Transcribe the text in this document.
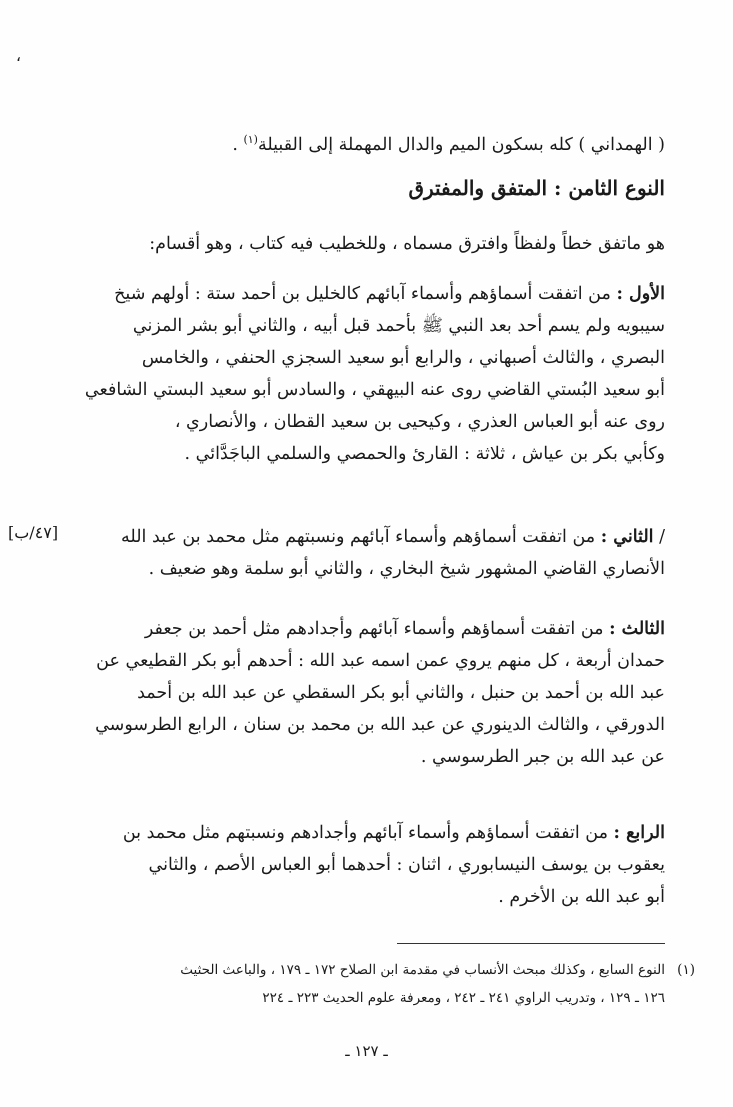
،
( الهمداني ) كله بسكون الميم والدال المهملة إلى القبيلة$^{(١)}$ .
النوع الثامن : المتفق والمفترق
هو ماتفق خطاً ولفظاً وافترق مسماه ، وللخطيب فيه كتاب ، وهو أقسام:
الأول : من اتفقت أسماؤهم وأسماء آبائهم كالخليل بن أحمد ستة : أولهم شيخ
سيبويه ولم يسم أحد بعد النبي ﷺ بأحمد قبل أبيه ، والثاني أبو بشر المزني
البصري ، والثالث أصبهاني ، والرابع أبو سعيد السجزي الحنفي ، والخامس
أبو سعيد البُستي القاضي روى عنه البيهقي ، والسادس أبو سعيد البستي الشافعي
روى عنه أبو العباس العذري ، وكيحيى بن سعيد القطان ، والأنصاري ،
وكأبي بكر بن عياش ، ثلاثة : القارئ والحمصي والسلمي الباجَدَّائي .
[٤٧/ب]	/ الثاني : من اتفقت أسماؤهم وأسماء آبائهم ونسبتهم مثل محمد بن عبد الله
الأنصاري القاضي المشهور شيخ البخاري ، والثاني أبو سلمة وهو ضعيف .
الثالث : من اتفقت أسماؤهم وأسماء آبائهم وأجدادهم مثل أحمد بن جعفر
حمدان أربعة ، كل منهم يروي عمن اسمه عبد الله : أحدهم أبو بكر القطيعي عن
عبد الله بن أحمد بن حنبل ، والثاني أبو بكر السقطي عن عبد الله بن أحمد
الدورقي ، والثالث الدينوري عن عبد الله بن محمد بن سنان ، الرابع الطرسوسي
عن عبد الله بن جبر الطرسوسي .
الرابع : من اتفقت أسماؤهم وأسماء آبائهم وأجدادهم ونسبتهم مثل محمد بن
يعقوب بن يوسف النيسابوري ، اثنان : أحدهما أبو العباس الأصم ، والثاني
أبو عبد الله بن الأخرم .
(١)
النوع السابع ، وكذلك مبحث الأنساب في مقدمة ابن الصلاح ١٧٢ ـ ١٧٩ ، والباعث الحثيث
١٢٦ ـ ١٢٩ ، وتدريب الراوي ٢٤١ ـ ٢٤٢ ، ومعرفة علوم الحديث ٢٢٣ ـ ٢٢٤
ـ ١٢٧ ـ
